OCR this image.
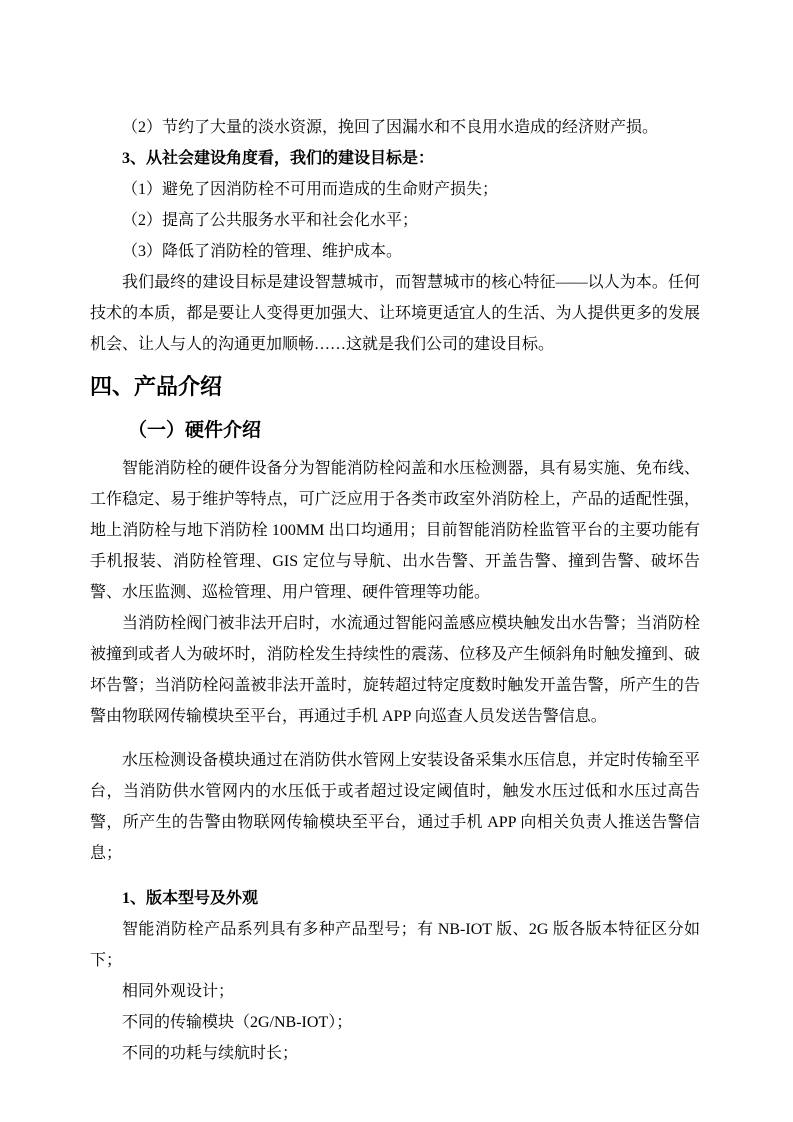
（2）节约了大量的淡水资源，挽回了因漏水和不良用水造成的经济财产损。

3、从社会建设角度看，我们的建设目标是：

（1）避免了因消防栓不可用而造成的生命财产损失；

（2）提高了公共服务水平和社会化水平；

（3）降低了消防栓的管理、维护成本。

我们最终的建设目标是建设智慧城市，而智慧城市的核心特征——以人为本。任何技术的本质，都是要让人变得更加强大、让环境更适宜人的生活、为人提供更多的发展机会、让人与人的沟通更加顺畅……这就是我们公司的建设目标。

四、产品介绍

（一）硬件介绍

智能消防栓的硬件设备分为智能消防栓闷盖和水压检测器，具有易实施、免布线、工作稳定、易于维护等特点，可广泛应用于各类市政室外消防栓上，产品的适配性强，地上消防栓与地下消防栓 100MM 出口均通用；目前智能消防栓监管平台的主要功能有手机报装、消防栓管理、GIS 定位与导航、出水告警、开盖告警、撞到告警、破坏告警、水压监测、巡检管理、用户管理、硬件管理等功能。

当消防栓阀门被非法开启时，水流通过智能闷盖感应模块触发出水告警；当消防栓被撞到或者人为破坏时，消防栓发生持续性的震荡、位移及产生倾斜角时触发撞到、破坏告警；当消防栓闷盖被非法开盖时，旋转超过特定度数时触发开盖告警，所产生的告警由物联网传输模块至平台，再通过手机 APP 向巡查人员发送告警信息。

水压检测设备模块通过在消防供水管网上安装设备采集水压信息，并定时传输至平台，当消防供水管网内的水压低于或者超过设定阈值时，触发水压过低和水压过高告警，所产生的告警由物联网传输模块至平台，通过手机 APP 向相关负责人推送告警信息；

1、版本型号及外观

智能消防栓产品系列具有多种产品型号；有 NB-IOT 版、2G 版各版本特征区分如下；

相同外观设计；

不同的传输模块（2G/NB-IOT）；

不同的功耗与续航时长；
